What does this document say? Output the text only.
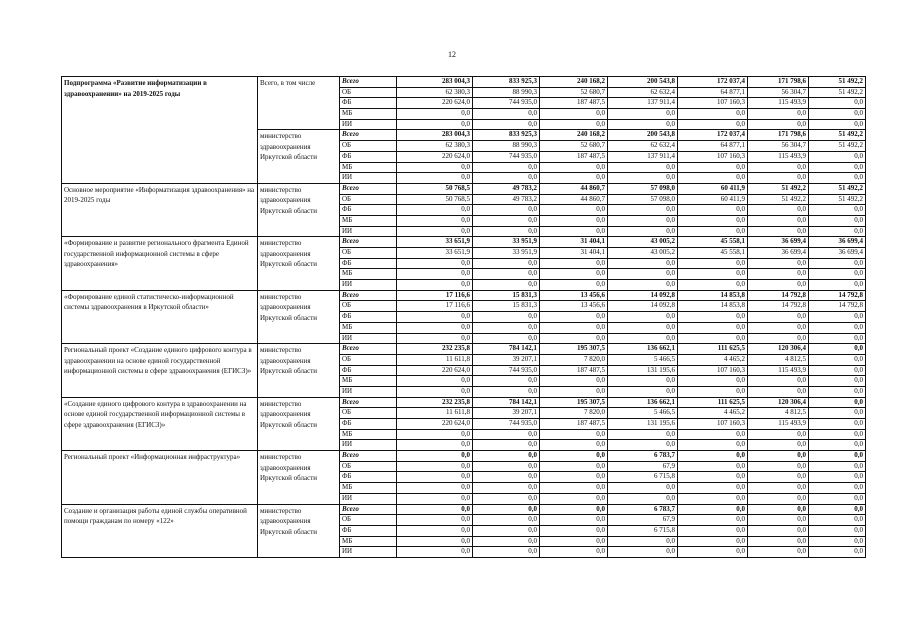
12
Подпрограмма «Развитие информатизации в здравоохранении» на 2019-2025 годы	Всего, в том числе	Всего	283 004,3	833 925,3	240 168,2	200 543,8	172 037,4	171 798,6	51 492,2
		ОБ	62 380,3	88 990,3	52 680,7	62 632,4	64 877,1	56 304,7	51 492,2
		ФБ	220 624,0	744 935,0	187 487,5	137 911,4	107 160,3	115 493,9	0,0
		МБ	0,0	0,0	0,0	0,0	0,0	0,0	0,0
		ИИ	0,0	0,0	0,0	0,0	0,0	0,0	0,0
	министерство здравоохранения Иркутской области	Всего	283 004,3	833 925,3	240 168,2	200 543,8	172 037,4	171 798,6	51 492,2
		ОБ	62 380,3	88 990,3	52 680,7	62 632,4	64 877,1	56 304,7	51 492,2
		ФБ	220 624,0	744 935,0	187 487,5	137 911,4	107 160,3	115 493,9	0,0
		МБ	0,0	0,0	0,0	0,0	0,0	0,0	0,0
		ИИ	0,0	0,0	0,0	0,0	0,0	0,0	0,0
Основное мероприятие «Информатизация здравоохранения» на 2019-2025 годы	министерство здравоохранения Иркутской области	Всего	50 768,5	49 783,2	44 860,7	57 098,0	60 411,9	51 492,2	51 492,2
		ОБ	50 768,5	49 783,2	44 860,7	57 098,0	60 411,9	51 492,2	51 492,2
		ФБ	0,0	0,0	0,0	0,0	0,0	0,0	0,0
		МБ	0,0	0,0	0,0	0,0	0,0	0,0	0,0
		ИИ	0,0	0,0	0,0	0,0	0,0	0,0	0,0
«Формирование и развитие регионального фрагмента Единой государственной информационной системы в сфере здравоохранения»	министерство здравоохранения Иркутской области	Всего	33 651,9	33 951,9	31 404,1	43 005,2	45 558,1	36 699,4	36 699,4
		ОБ	33 651,9	33 951,9	31 404,1	43 005,2	45 558,1	36 699,4	36 699,4
		ФБ	0,0	0,0	0,0	0,0	0,0	0,0	0,0
		МБ	0,0	0,0	0,0	0,0	0,0	0,0	0,0
		ИИ	0,0	0,0	0,0	0,0	0,0	0,0	0,0
«Формирование единой статистическо-информационной системы здравоохранения в Иркутской области»	министерство здравоохранения Иркутской области	Всего	17 116,6	15 831,3	13 456,6	14 092,8	14 853,8	14 792,8	14 792,8
		ОБ	17 116,6	15 831,3	13 456,6	14 092,8	14 853,8	14 792,8	14 792,8
		ФБ	0,0	0,0	0,0	0,0	0,0	0,0	0,0
		МБ	0,0	0,0	0,0	0,0	0,0	0,0	0,0
		ИИ	0,0	0,0	0,0	0,0	0,0	0,0	0,0
Региональный проект «Создание единого цифрового контура в здравоохранении на основе единой государственной информационной системы в сфере здравоохранения (ЕГИСЗ)»	министерство здравоохранения Иркутской области	Всего	232 235,8	784 142,1	195 307,5	136 662,1	111 625,5	120 306,4	0,0
		ОБ	11 611,8	39 207,1	7 820,0	5 466,5	4 465,2	4 812,5	0,0
		ФБ	220 624,0	744 935,0	187 487,5	131 195,6	107 160,3	115 493,9	0,0
		МБ	0,0	0,0	0,0	0,0	0,0	0,0	0,0
		ИИ	0,0	0,0	0,0	0,0	0,0	0,0	0,0
«Создание единого цифрового контура в здравоохранении на основе единой государственной информационной системы в сфере здравоохранения (ЕГИСЗ)»	министерство здравоохранения Иркутской области	Всего	232 235,8	784 142,1	195 307,5	136 662,1	111 625,5	120 306,4	0,0
		ОБ	11 611,8	39 207,1	7 820,0	5 466,5	4 465,2	4 812,5	0,0
		ФБ	220 624,0	744 935,0	187 487,5	131 195,6	107 160,3	115 493,9	0,0
		МБ	0,0	0,0	0,0	0,0	0,0	0,0	0,0
		ИИ	0,0	0,0	0,0	0,0	0,0	0,0	0,0
Региональный проект «Информационная инфраструктура»	министерство здравоохранения Иркутской области	Всего	0,0	0,0	0,0	6 783,7	0,0	0,0	0,0
		ОБ	0,0	0,0	0,0	67,9	0,0	0,0	0,0
		ФБ	0,0	0,0	0,0	6 715,8	0,0	0,0	0,0
		МБ	0,0	0,0	0,0	0,0	0,0	0,0	0,0
		ИИ	0,0	0,0	0,0	0,0	0,0	0,0	0,0
Создание и организация работы единой службы оперативной помощи гражданам по номеру «122»	министерство здравоохранения Иркутской области	Всего	0,0	0,0	0,0	6 783,7	0,0	0,0	0,0
		ОБ	0,0	0,0	0,0	67,9	0,0	0,0	0,0
		ФБ	0,0	0,0	0,0	6 715,8	0,0	0,0	0,0
		МБ	0,0	0,0	0,0	0,0	0,0	0,0	0,0
		ИИ	0,0	0,0	0,0	0,0	0,0	0,0	0,0
